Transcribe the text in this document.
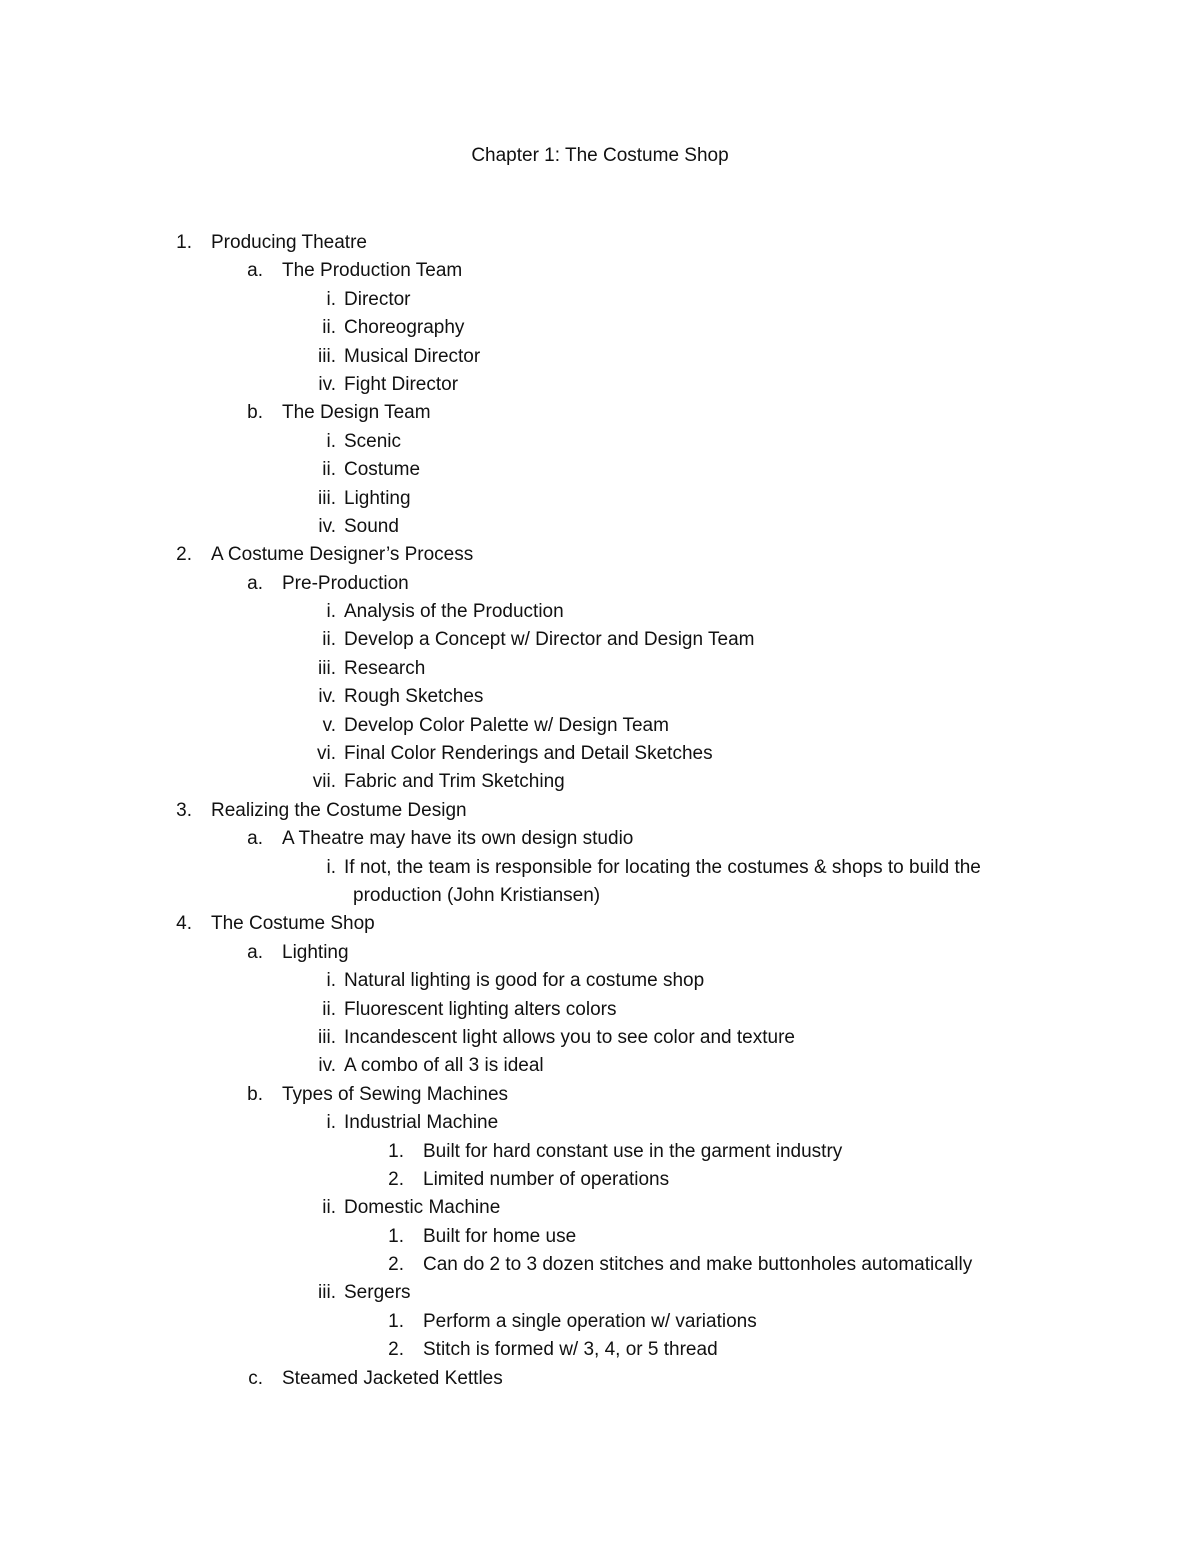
Chapter 1: The Costume Shop
1. Producing Theatre
a. The Production Team
i. Director
ii. Choreography
iii. Musical Director
iv. Fight Director
b. The Design Team
i. Scenic
ii. Costume
iii. Lighting
iv. Sound
2. A Costume Designer’s Process
a. Pre-Production
i. Analysis of the Production
ii. Develop a Concept w/ Director and Design Team
iii. Research
iv. Rough Sketches
v. Develop Color Palette w/ Design Team
vi. Final Color Renderings and Detail Sketches
vii. Fabric and Trim Sketching
3. Realizing the Costume Design
a. A Theatre may have its own design studio
i. If not, the team is responsible for locating the costumes & shops to build the
production (John Kristiansen)
4. The Costume Shop
a. Lighting
i. Natural lighting is good for a costume shop
ii. Fluorescent lighting alters colors
iii. Incandescent light allows you to see color and texture
iv. A combo of all 3 is ideal
b. Types of Sewing Machines
i. Industrial Machine
1. Built for hard constant use in the garment industry
2. Limited number of operations
ii. Domestic Machine
1. Built for home use
2. Can do 2 to 3 dozen stitches and make buttonholes automatically
iii. Sergers
1. Perform a single operation w/ variations
2. Stitch is formed w/ 3, 4, or 5 thread
c. Steamed Jacketed Kettles
